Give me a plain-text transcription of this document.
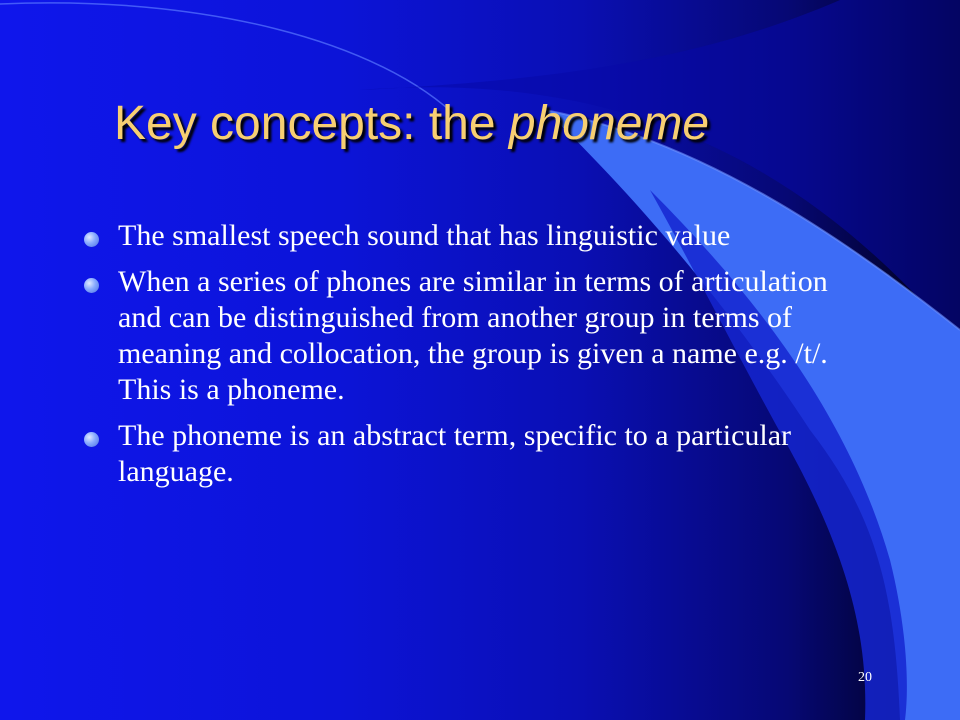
Key concepts: the phoneme
The smallest speech sound that has linguistic value
When a series of phones are similar in terms of articulation and can be distinguished from another group in terms of meaning and collocation, the group is given a name e.g. /t/. This is a phoneme.
The phoneme is an abstract term, specific to a particular language.
20
